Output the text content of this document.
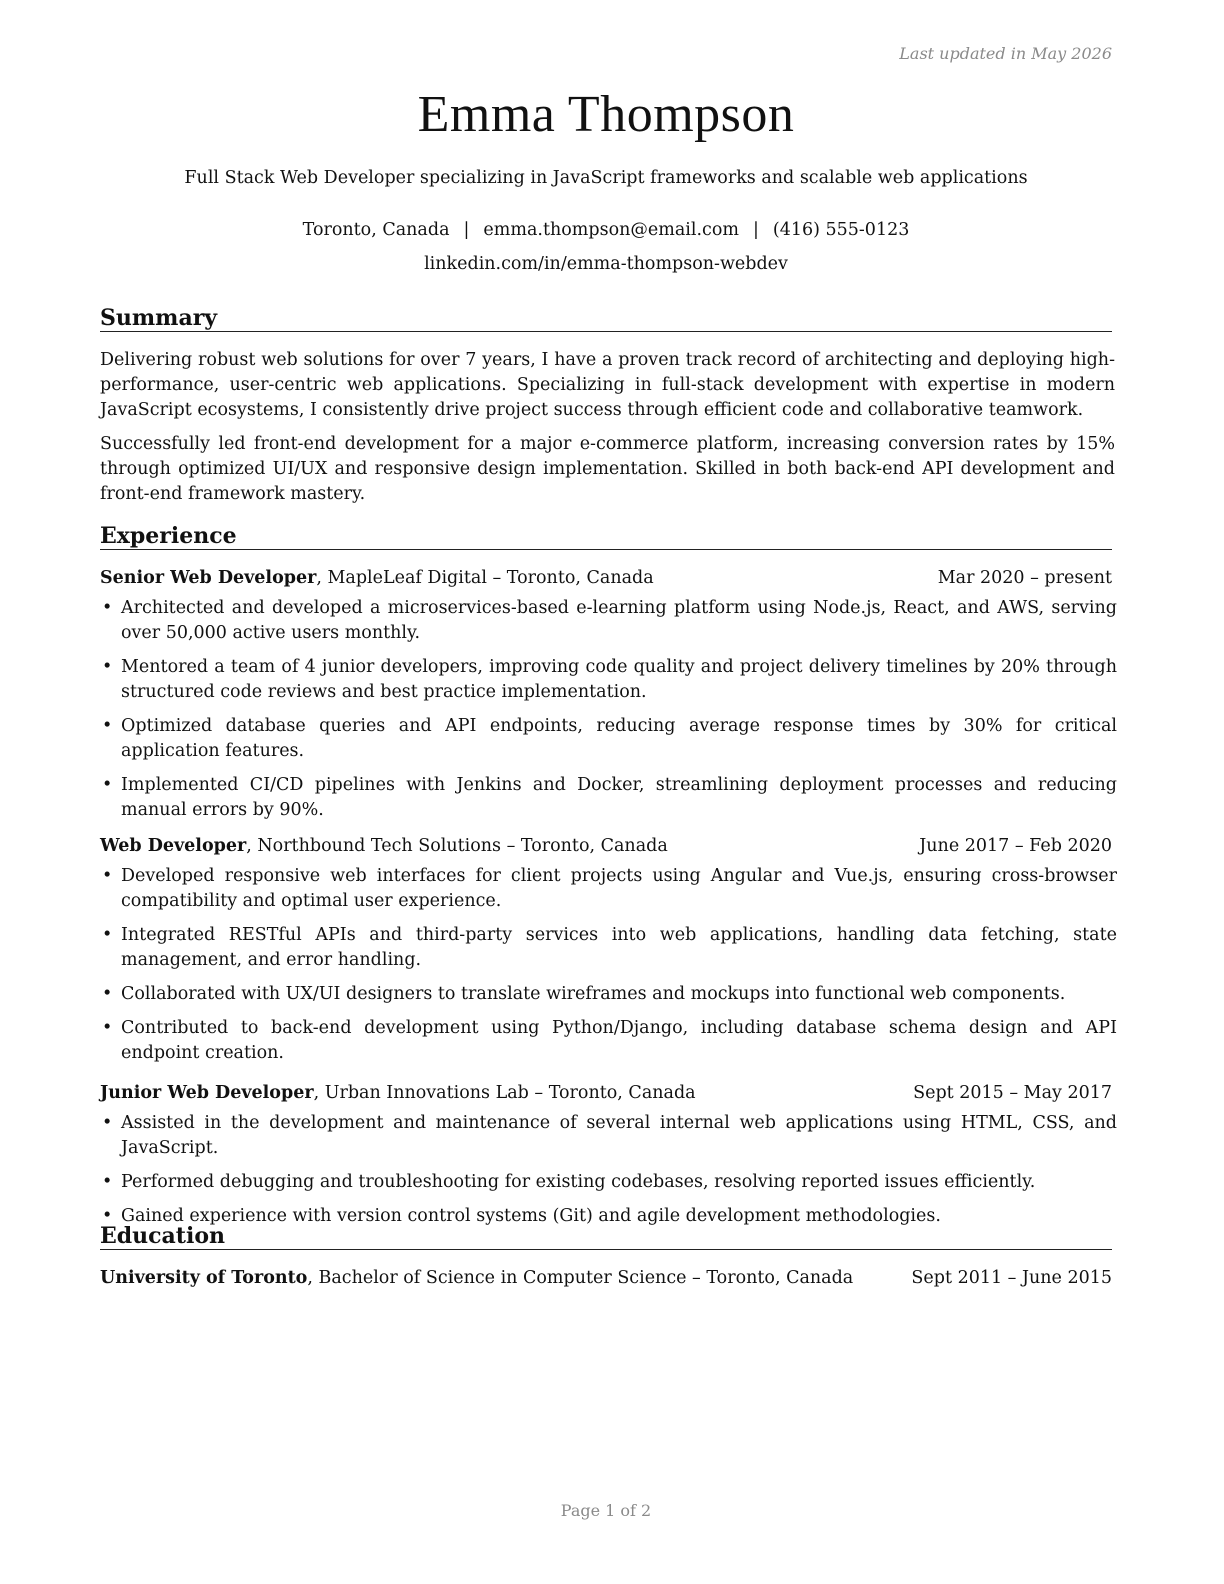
Last updated in May 2026
Emma Thompson
Full Stack Web Developer specializing in JavaScript frameworks and scalable web applications
Toronto, Canada | emma.thompson@email.com | (416) 555-0123
linkedin.com/in/emma-thompson-webdev
Summary
Delivering robust web solutions for over 7 years, I have a proven track record of architecting and deploying high-performance, user-centric web applications. Specializing in full-stack development with expertise in modern JavaScript ecosystems, I consistently drive project success through efficient code and collaborative teamwork.
Successfully led front-end development for a major e-commerce platform, increasing conversion rates by 15% through optimized UI/UX and responsive design implementation. Skilled in both back-end API development and front-end framework mastery.
Experience
Senior Web Developer, MapleLeaf Digital – Toronto, Canada	Mar 2020 – present
• Architected and developed a microservices-based e-learning platform using Node.js, React, and AWS, serving over 50,000 active users monthly.
• Mentored a team of 4 junior developers, improving code quality and project delivery timelines by 20% through structured code reviews and best practice implementation.
• Optimized database queries and API endpoints, reducing average response times by 30% for critical application features.
• Implemented CI/CD pipelines with Jenkins and Docker, streamlining deployment processes and reducing manual errors by 90%.
Web Developer, Northbound Tech Solutions – Toronto, Canada	June 2017 – Feb 2020
• Developed responsive web interfaces for client projects using Angular and Vue.js, ensuring cross-browser compatibility and optimal user experience.
• Integrated RESTful APIs and third-party services into web applications, handling data fetching, state management, and error handling.
• Collaborated with UX/UI designers to translate wireframes and mockups into functional web components.
• Contributed to back-end development using Python/Django, including database schema design and API endpoint creation.
Junior Web Developer, Urban Innovations Lab – Toronto, Canada	Sept 2015 – May 2017
• Assisted in the development and maintenance of several internal web applications using HTML, CSS, and JavaScript.
• Performed debugging and troubleshooting for existing codebases, resolving reported issues efficiently.
• Gained experience with version control systems (Git) and agile development methodologies.
Education
University of Toronto, Bachelor of Science in Computer Science – Toronto, Canada	Sept 2011 – June 2015
Page 1 of 2
